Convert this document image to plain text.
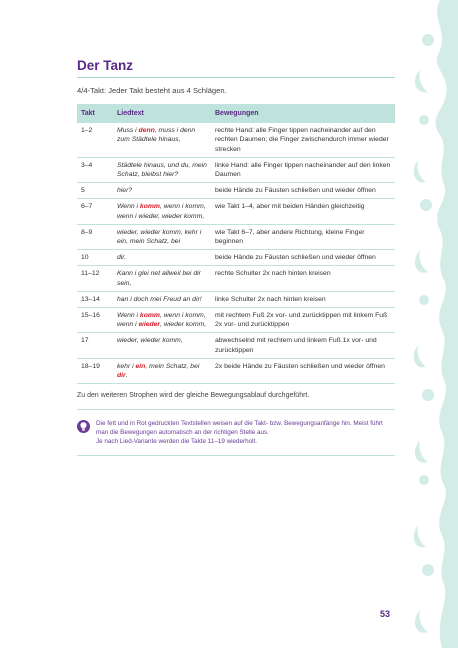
Der Tanz

4/4-Takt: Jeder Takt besteht aus 4 Schlägen.

Takt	Liedtext	Bewegungen
1–2	Muss i denn, muss i denn zum Städtele hinaus,	rechte Hand: alle Finger tippen nacheinander auf den rechten Daumen; die Finger zwischendurch immer wieder strecken
3–4	Städtele hinaus, und du, mein Schatz, bleibst hier?	linke Hand: alle Finger tippen nacheinander auf den linken Daumen
5	hier?	beide Hände zu Fäusten schließen und wieder öffnen
6–7	Wenn i komm, wenn i komm, wenn i wieder, wieder komm,	wie Takt 1–4, aber mit beiden Händen gleichzeitig
8–9	wieder, wieder komm, kehr i ein, mein Schatz, bei	wie Takt 6–7, aber andere Richtung, kleine Finger beginnen
10	dir.	beide Hände zu Fäusten schließen und wieder öffnen
11–12	Kann i glei net allweil bei dir sein,	rechte Schulter 2x nach hinten kreisen
13–14	han i doch mei Freud an dir!	linke Schulter 2x nach hinten kreisen
15–16	Wenn i komm, wenn i komm, wenn i wieder, wieder komm,	mit rechtem Fuß 2x vor- und zurücktippen mit linkem Fuß 2x vor- und zurücktippen
17	wieder, wieder komm,	abwechselnd mit rechtem und linkem Fuß 1x vor- und zurücktippen
18–19	kehr i ein, mein Schatz, bei dir.	2x beide Hände zu Fäusten schließen und wieder öffnen

Zu den weiteren Strophen wird der gleiche Bewegungsablauf durchgeführt.

Die fett und in Rot gedruckten Textstellen weisen auf die Takt- bzw. Bewegungsanfänge hin. Meist führt man die Bewegungen automatisch an der richtigen Stelle aus.
Je nach Lied-Variante werden die Takte 11–19 wiederholt.
53
